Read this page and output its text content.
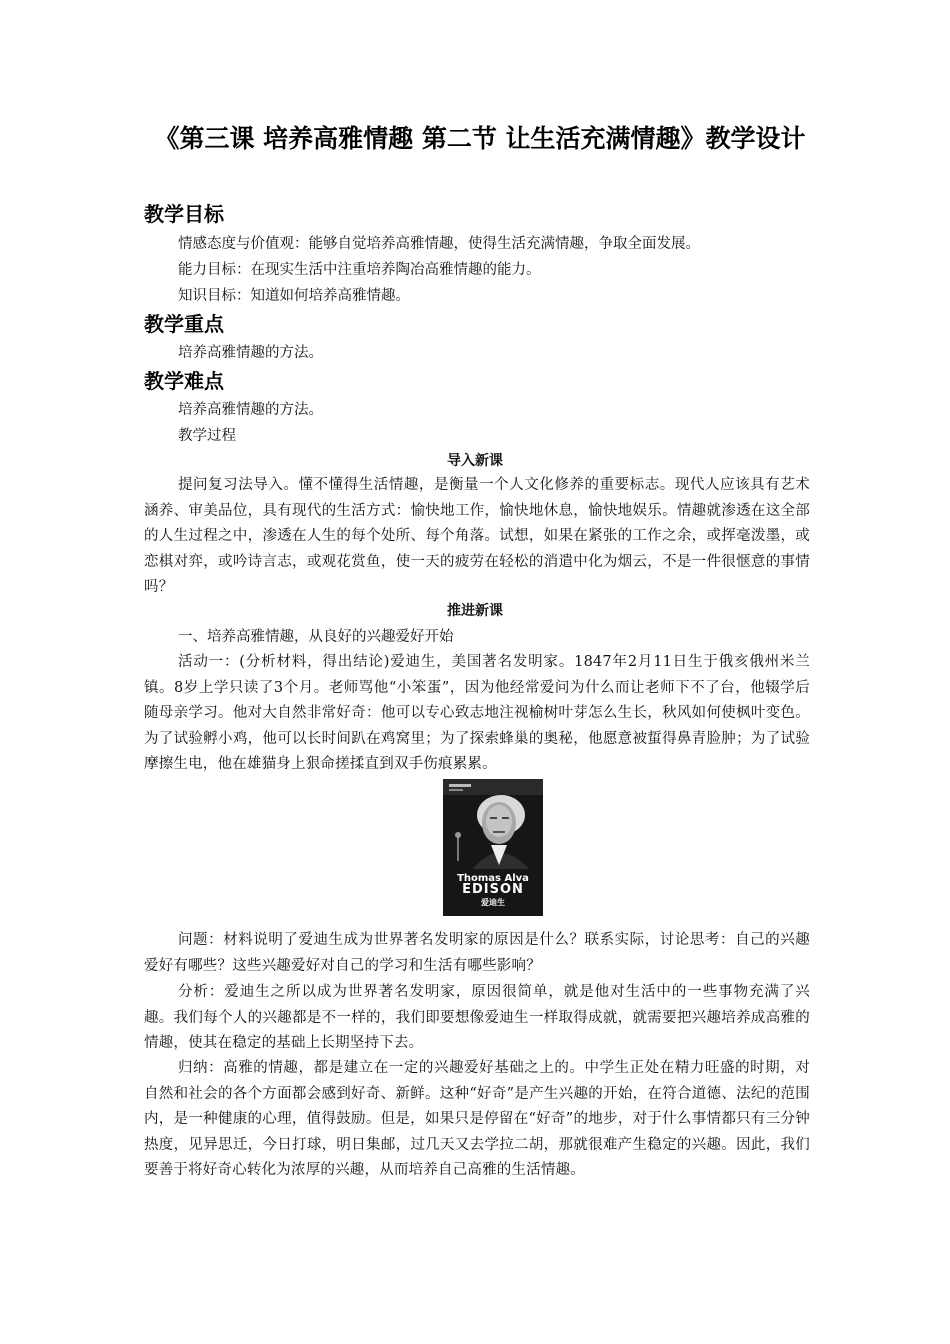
《第三课 培养高雅情趣 第二节 让生活充满情趣》教学设计
教学目标
情感态度与价值观：能够自觉培养高雅情趣，使得生活充满情趣，争取全面发展。
能力目标：在现实生活中注重培养陶冶高雅情趣的能力。
知识目标：知道如何培养高雅情趣。
教学重点
培养高雅情趣的方法。
教学难点
培养高雅情趣的方法。
教学过程
导入新课
提问复习法导入。懂不懂得生活情趣，是衡量一个人文化修养的重要标志。现代人应该具有艺术涵养、审美品位，具有现代的生活方式：愉快地工作，愉快地休息，愉快地娱乐。情趣就渗透在这全部的人生过程之中，渗透在人生的每个处所、每个角落。试想，如果在紧张的工作之余，或挥毫泼墨，或恋棋对弈，或吟诗言志，或观花赏鱼，使一天的疲劳在轻松的消遣中化为烟云，不是一件很惬意的事情吗？
推进新课
一、培养高雅情趣，从良好的兴趣爱好开始
活动一：(分析材料，得出结论)爱迪生，美国著名发明家。1847年2月11日生于俄亥俄州米兰镇。8岁上学只读了3个月。老师骂他“小笨蛋”，因为他经常爱问为什么而让老师下不了台，他辍学后随母亲学习。他对大自然非常好奇：他可以专心致志地注视榆树叶芽怎么生长，秋风如何使枫叶变色。为了试验孵小鸡，他可以长时间趴在鸡窝里；为了探索蜂巢的奥秘，他愿意被蜇得鼻青脸肿；为了试验摩擦生电，他在雄猫身上狠命搓揉直到双手伤痕累累。
Thomas Alva
EDISON
爱迪生
问题：材料说明了爱迪生成为世界著名发明家的原因是什么？联系实际，讨论思考：自己的兴趣爱好有哪些？这些兴趣爱好对自己的学习和生活有哪些影响？
分析：爱迪生之所以成为世界著名发明家，原因很简单，就是他对生活中的一些事物充满了兴趣。我们每个人的兴趣都是不一样的，我们即要想像爱迪生一样取得成就，就需要把兴趣培养成高雅的情趣，使其在稳定的基础上长期坚持下去。
归纳：高雅的情趣，都是建立在一定的兴趣爱好基础之上的。中学生正处在精力旺盛的时期，对自然和社会的各个方面都会感到好奇、新鲜。这种“好奇”是产生兴趣的开始，在符合道德、法纪的范围内，是一种健康的心理，值得鼓励。但是，如果只是停留在“好奇”的地步，对于什么事情都只有三分钟热度，见异思迁，今日打球，明日集邮，过几天又去学拉二胡，那就很难产生稳定的兴趣。因此，我们要善于将好奇心转化为浓厚的兴趣，从而培养自己高雅的生活情趣。
